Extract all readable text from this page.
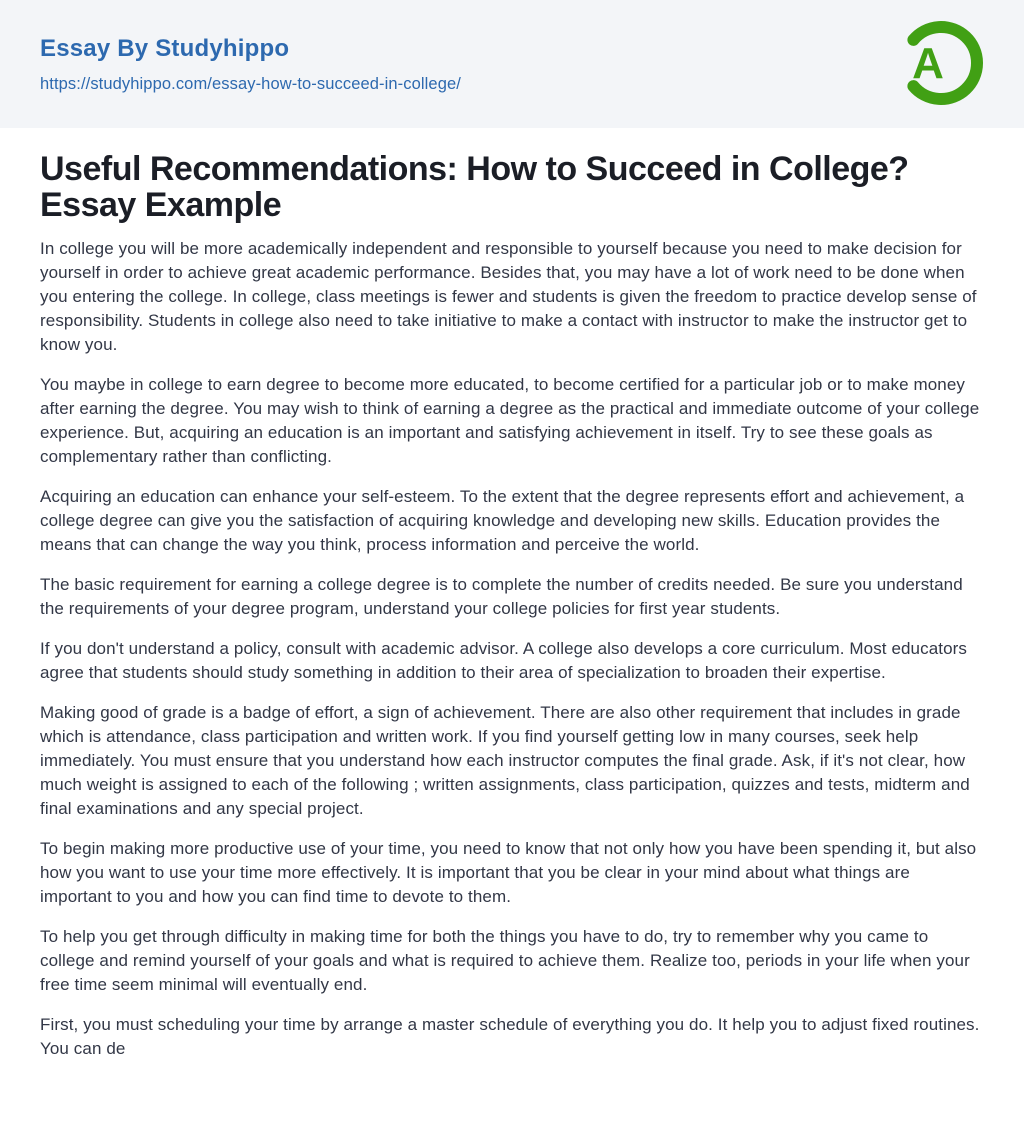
Essay By Studyhippo
https://studyhippo.com/essay-how-to-succeed-in-college/	A
Useful Recommendations: How to Succeed in College? Essay Example

In college you will be more academically independent and responsible to yourself because you need to make decision for yourself in order to achieve great academic performance. Besides that, you may have a lot of work need to be done when you entering the college. In college, class meetings is fewer and students is given the freedom to practice develop sense of responsibility. Students in college also need to take initiative to make a contact with instructor to make the instructor get to know you.

You maybe in college to earn degree to become more educated, to become certified for a particular job or to make money after earning the degree. You may wish to think of earning a degree as the practical and immediate outcome of your college experience. But, acquiring an education is an important and satisfying achievement in itself. Try to see these goals as complementary rather than conflicting.

Acquiring an education can enhance your self-esteem. To the extent that the degree represents effort and achievement, a college degree can give you the satisfaction of acquiring knowledge and developing new skills. Education provides the means that can change the way you think, process information and perceive the world.

The basic requirement for earning a college degree is to complete the number of credits needed. Be sure you understand the requirements of your degree program, understand your college policies for first year students.

If you don't understand a policy, consult with academic advisor. A college also develops a core curriculum. Most educators agree that students should study something in addition to their area of specialization to broaden their expertise.

Making good of grade is a badge of effort, a sign of achievement. There are also other requirement that includes in grade which is attendance, class participation and written work. If you find yourself getting low in many courses, seek help immediately. You must ensure that you understand how each instructor computes the final grade. Ask, if it's not clear, how much weight is assigned to each of the following ; written assignments, class participation, quizzes and tests, midterm and final examinations and any special project.

To begin making more productive use of your time, you need to know that not only how you have been spending it, but also how you want to use your time more effectively. It is important that you be clear in your mind about what things are important to you and how you can find time to devote to them.

To help you get through difficulty in making time for both the things you have to do, try to remember why you came to college and remind yourself of your goals and what is required to achieve them. Realize too, periods in your life when your free time seem minimal will eventually end.

First, you must scheduling your time by arrange a master schedule of everything you do. It help you to adjust fixed routines. You can de
